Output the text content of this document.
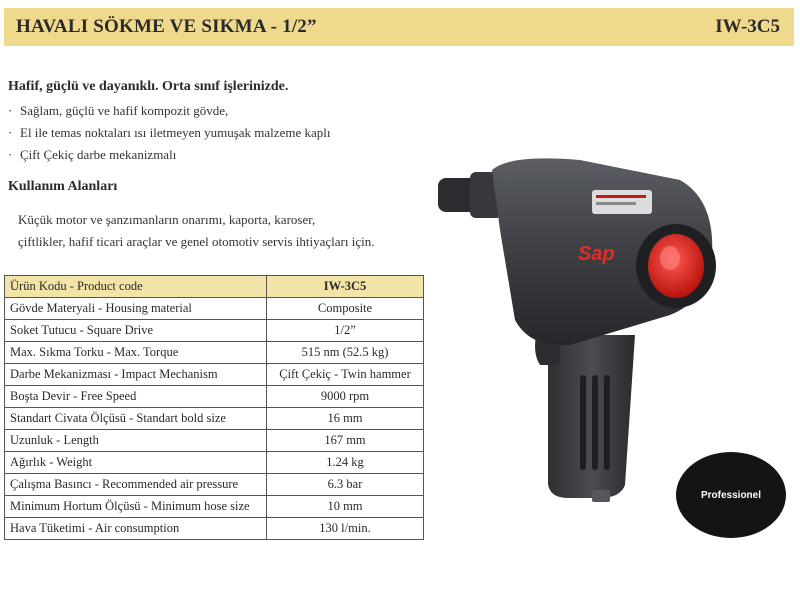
HAVALI SÖKME VE SIKMA - 1/2”	IW-3C5
Hafif, güçlü ve dayanıklı. Orta sınıf işlerinizde.
· Sağlam, güçlü ve hafif kompozit gövde,
· El ile temas noktaları ısı iletmeyen yumuşak malzeme kaplı
· Çift Çekiç darbe mekanizmalı
Kullanım Alanları
Küçük motor ve şanzımanların onarımı, kaporta, karoser,
çiftlikler, hafif ticari araçlar ve genel otomotiv servis ihtiyaçları için.
Ürün Kodu - Product code	IW-3C5
Gövde Materyali - Housing material	Composite
Soket Tutucu - Square Drive	1/2”
Max. Sıkma Torku - Max. Torque	515 nm (52.5 kg)
Darbe Mekanizması - Impact Mechanism	Çift Çekiç - Twin hammer
Boşta Devir - Free Speed	9000 rpm
Standart Civata Ölçüsü - Standart bold size	16 mm
Uzunluk - Length	167 mm
Ağırlık - Weight	1.24 kg
Çalışma Basıncı - Recommended air pressure	6.3 bar
Minimum Hortum Ölçüsü - Minimum hose size	10 mm
Hava Tüketimi - Air consumption	130 l/min.
Sap
Professionel
